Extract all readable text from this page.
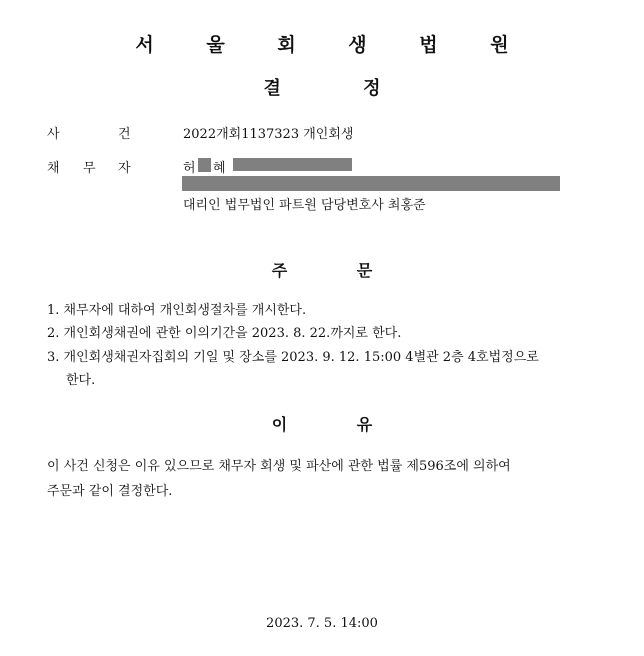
서 울 회 생 법 원
결 정
사	건	2022개회1137323 개인회생
채 무 자	허 혜
대리인 법무법인 파트원 담당변호사 최홍준
주 문
1. 채무자에 대하여 개인회생절차를 개시한다.
2. 개인회생채권에 관한 이의기간을 2023. 8. 22.까지로 한다.
3. 개인회생채권자집회의 기일 및 장소를 2023. 9. 12. 15:00 4별관 2층 4호법정으로
한다.
이 유
이 사건 신청은 이유 있으므로 채무자 회생 및 파산에 관한 법률 제596조에 의하여
주문과 같이 결정한다.
2023. 7. 5. 14:00
